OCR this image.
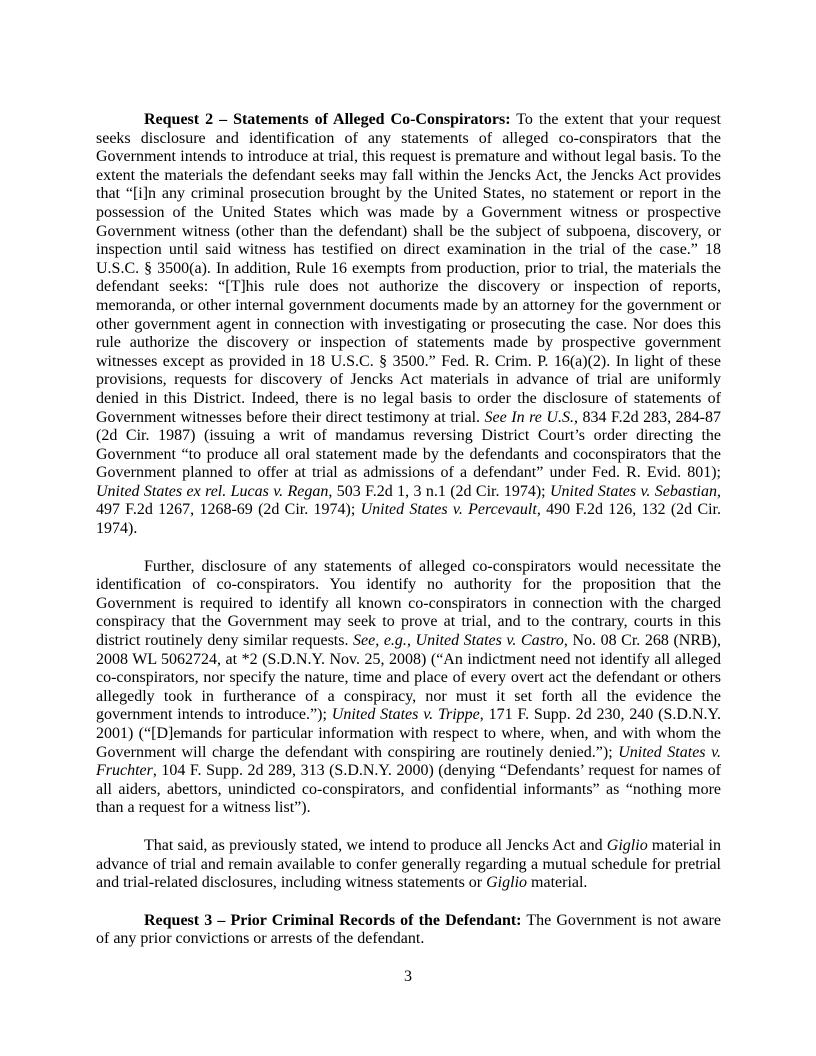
Request 2 – Statements of Alleged Co-Conspirators: To the extent that your request seeks disclosure and identification of any statements of alleged co-conspirators that the Government intends to introduce at trial, this request is premature and without legal basis. To the extent the materials the defendant seeks may fall within the Jencks Act, the Jencks Act provides that “[i]n any criminal prosecution brought by the United States, no statement or report in the possession of the United States which was made by a Government witness or prospective Government witness (other than the defendant) shall be the subject of subpoena, discovery, or inspection until said witness has testified on direct examination in the trial of the case.” 18 U.S.C. § 3500(a). In addition, Rule 16 exempts from production, prior to trial, the materials the defendant seeks: “[T]his rule does not authorize the discovery or inspection of reports, memoranda, or other internal government documents made by an attorney for the government or other government agent in connection with investigating or prosecuting the case. Nor does this rule authorize the discovery or inspection of statements made by prospective government witnesses except as provided in 18 U.S.C. § 3500.” Fed. R. Crim. P. 16(a)(2). In light of these provisions, requests for discovery of Jencks Act materials in advance of trial are uniformly denied in this District. Indeed, there is no legal basis to order the disclosure of statements of Government witnesses before their direct testimony at trial. See In re U.S., 834 F.2d 283, 284-87 (2d Cir. 1987) (issuing a writ of mandamus reversing District Court’s order directing the Government “to produce all oral statement made by the defendants and coconspirators that the Government planned to offer at trial as admissions of a defendant” under Fed. R. Evid. 801); United States ex rel. Lucas v. Regan, 503 F.2d 1, 3 n.1 (2d Cir. 1974); United States v. Sebastian, 497 F.2d 1267, 1268-69 (2d Cir. 1974); United States v. Percevault, 490 F.2d 126, 132 (2d Cir. 1974).

Further, disclosure of any statements of alleged co-conspirators would necessitate the identification of co-conspirators. You identify no authority for the proposition that the Government is required to identify all known co-conspirators in connection with the charged conspiracy that the Government may seek to prove at trial, and to the contrary, courts in this district routinely deny similar requests. See, e.g., United States v. Castro, No. 08 Cr. 268 (NRB), 2008 WL 5062724, at *2 (S.D.N.Y. Nov. 25, 2008) (“An indictment need not identify all alleged co-conspirators, nor specify the nature, time and place of every overt act the defendant or others allegedly took in furtherance of a conspiracy, nor must it set forth all the evidence the government intends to introduce.”); United States v. Trippe, 171 F. Supp. 2d 230, 240 (S.D.N.Y. 2001) (“[D]emands for particular information with respect to where, when, and with whom the Government will charge the defendant with conspiring are routinely denied.”); United States v. Fruchter, 104 F. Supp. 2d 289, 313 (S.D.N.Y. 2000) (denying “Defendants’ request for names of all aiders, abettors, unindicted co-conspirators, and confidential informants” as “nothing more than a request for a witness list”).

That said, as previously stated, we intend to produce all Jencks Act and Giglio material in advance of trial and remain available to confer generally regarding a mutual schedule for pretrial and trial-related disclosures, including witness statements or Giglio material.

Request 3 – Prior Criminal Records of the Defendant: The Government is not aware of any prior convictions or arrests of the defendant.

3
